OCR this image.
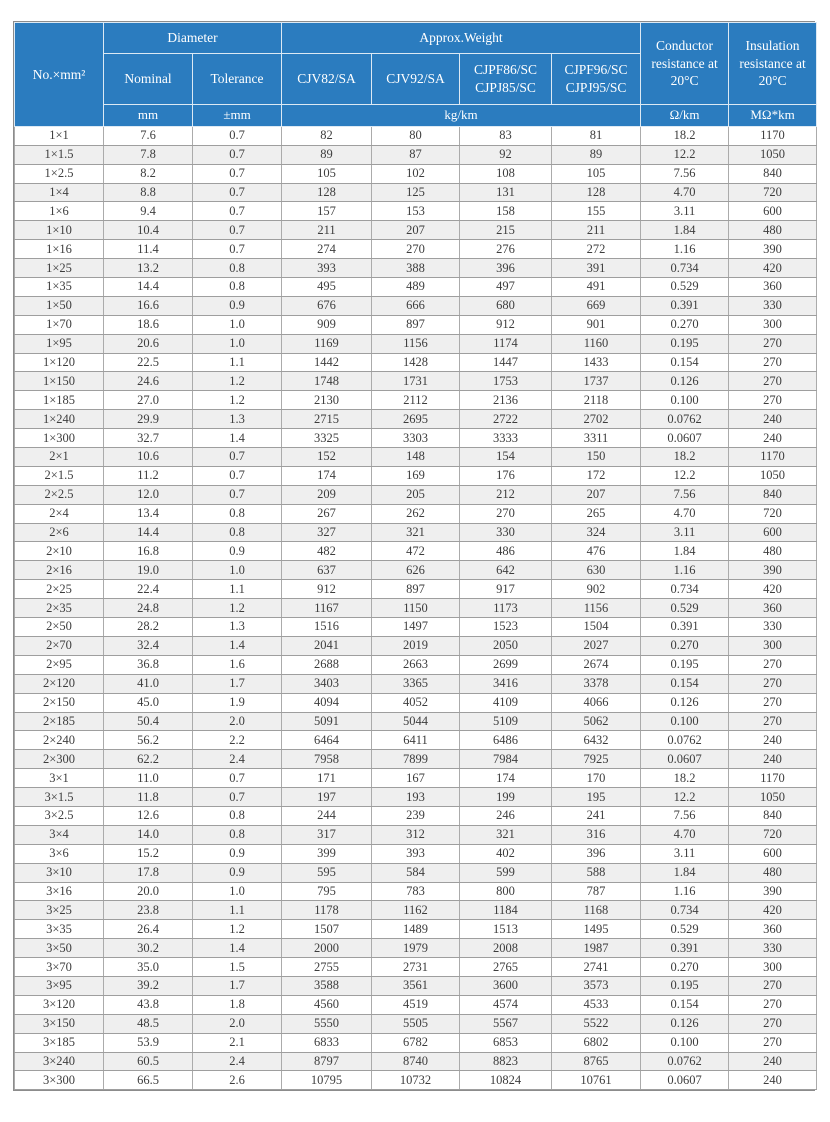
No.×mm²	Diameter		Approx.Weight				Conductor resistance at 20°C	Insulation resistance at 20°C
	Nominal	Tolerance	CJV82/SA	CJV92/SA	CJPF86/SC CJPJ85/SC	CJPF96/SC CJPJ95/SC		
	mm	±mm	kg/km				Ω/km	MΩ*km
1×1	7.6	0.7	82	80	83	81	18.2	1170
1×1.5	7.8	0.7	89	87	92	89	12.2	1050
1×2.5	8.2	0.7	105	102	108	105	7.56	840
1×4	8.8	0.7	128	125	131	128	4.70	720
1×6	9.4	0.7	157	153	158	155	3.11	600
1×10	10.4	0.7	211	207	215	211	1.84	480
1×16	11.4	0.7	274	270	276	272	1.16	390
1×25	13.2	0.8	393	388	396	391	0.734	420
1×35	14.4	0.8	495	489	497	491	0.529	360
1×50	16.6	0.9	676	666	680	669	0.391	330
1×70	18.6	1.0	909	897	912	901	0.270	300
1×95	20.6	1.0	1169	1156	1174	1160	0.195	270
1×120	22.5	1.1	1442	1428	1447	1433	0.154	270
1×150	24.6	1.2	1748	1731	1753	1737	0.126	270
1×185	27.0	1.2	2130	2112	2136	2118	0.100	270
1×240	29.9	1.3	2715	2695	2722	2702	0.0762	240
1×300	32.7	1.4	3325	3303	3333	3311	0.0607	240
2×1	10.6	0.7	152	148	154	150	18.2	1170
2×1.5	11.2	0.7	174	169	176	172	12.2	1050
2×2.5	12.0	0.7	209	205	212	207	7.56	840
2×4	13.4	0.8	267	262	270	265	4.70	720
2×6	14.4	0.8	327	321	330	324	3.11	600
2×10	16.8	0.9	482	472	486	476	1.84	480
2×16	19.0	1.0	637	626	642	630	1.16	390
2×25	22.4	1.1	912	897	917	902	0.734	420
2×35	24.8	1.2	1167	1150	1173	1156	0.529	360
2×50	28.2	1.3	1516	1497	1523	1504	0.391	330
2×70	32.4	1.4	2041	2019	2050	2027	0.270	300
2×95	36.8	1.6	2688	2663	2699	2674	0.195	270
2×120	41.0	1.7	3403	3365	3416	3378	0.154	270
2×150	45.0	1.9	4094	4052	4109	4066	0.126	270
2×185	50.4	2.0	5091	5044	5109	5062	0.100	270
2×240	56.2	2.2	6464	6411	6486	6432	0.0762	240
2×300	62.2	2.4	7958	7899	7984	7925	0.0607	240
3×1	11.0	0.7	171	167	174	170	18.2	1170
3×1.5	11.8	0.7	197	193	199	195	12.2	1050
3×2.5	12.6	0.8	244	239	246	241	7.56	840
3×4	14.0	0.8	317	312	321	316	4.70	720
3×6	15.2	0.9	399	393	402	396	3.11	600
3×10	17.8	0.9	595	584	599	588	1.84	480
3×16	20.0	1.0	795	783	800	787	1.16	390
3×25	23.8	1.1	1178	1162	1184	1168	0.734	420
3×35	26.4	1.2	1507	1489	1513	1495	0.529	360
3×50	30.2	1.4	2000	1979	2008	1987	0.391	330
3×70	35.0	1.5	2755	2731	2765	2741	0.270	300
3×95	39.2	1.7	3588	3561	3600	3573	0.195	270
3×120	43.8	1.8	4560	4519	4574	4533	0.154	270
3×150	48.5	2.0	5550	5505	5567	5522	0.126	270
3×185	53.9	2.1	6833	6782	6853	6802	0.100	270
3×240	60.5	2.4	8797	8740	8823	8765	0.0762	240
3×300	66.5	2.6	10795	10732	10824	10761	0.0607	240
